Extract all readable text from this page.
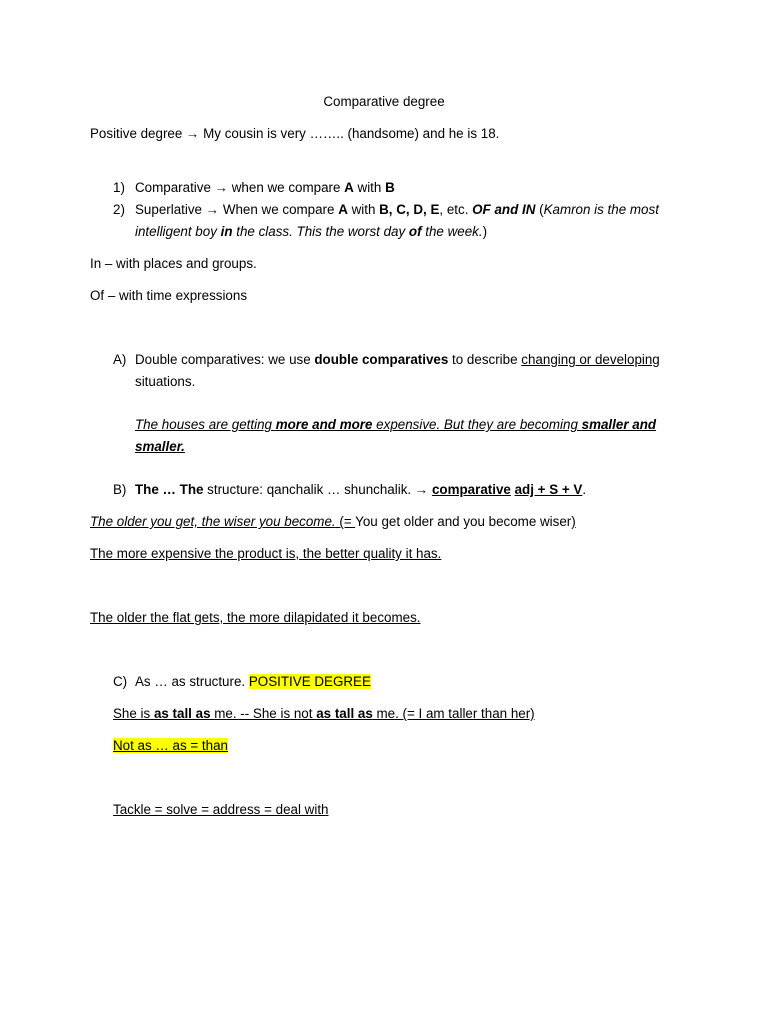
Comparative degree
Positive degree → My cousin is very …….. (handsome) and he is 18.
1) Comparative → when we compare A with B
2) Superlative → When we compare A with B, C, D, E, etc. OF and IN (Kamron is the most
intelligent boy in the class. This the worst day of the week.)
In – with places and groups.
Of – with time expressions
A) Double comparatives: we use double comparatives to describe changing or developing
situations.
The houses are getting more and more expensive. But they are becoming smaller and
smaller.
B) The … The structure: qanchalik … shunchalik. → comparative adj + S + V.
The older you get, the wiser you become. (= You get older and you become wiser)
The more expensive the product is, the better quality it has.
The older the flat gets, the more dilapidated it becomes.
C) As … as structure. POSITIVE DEGREE
She is as tall as me. -- She is not as tall as me. (= I am taller than her)
Not as … as = than
Tackle = solve = address = deal with
